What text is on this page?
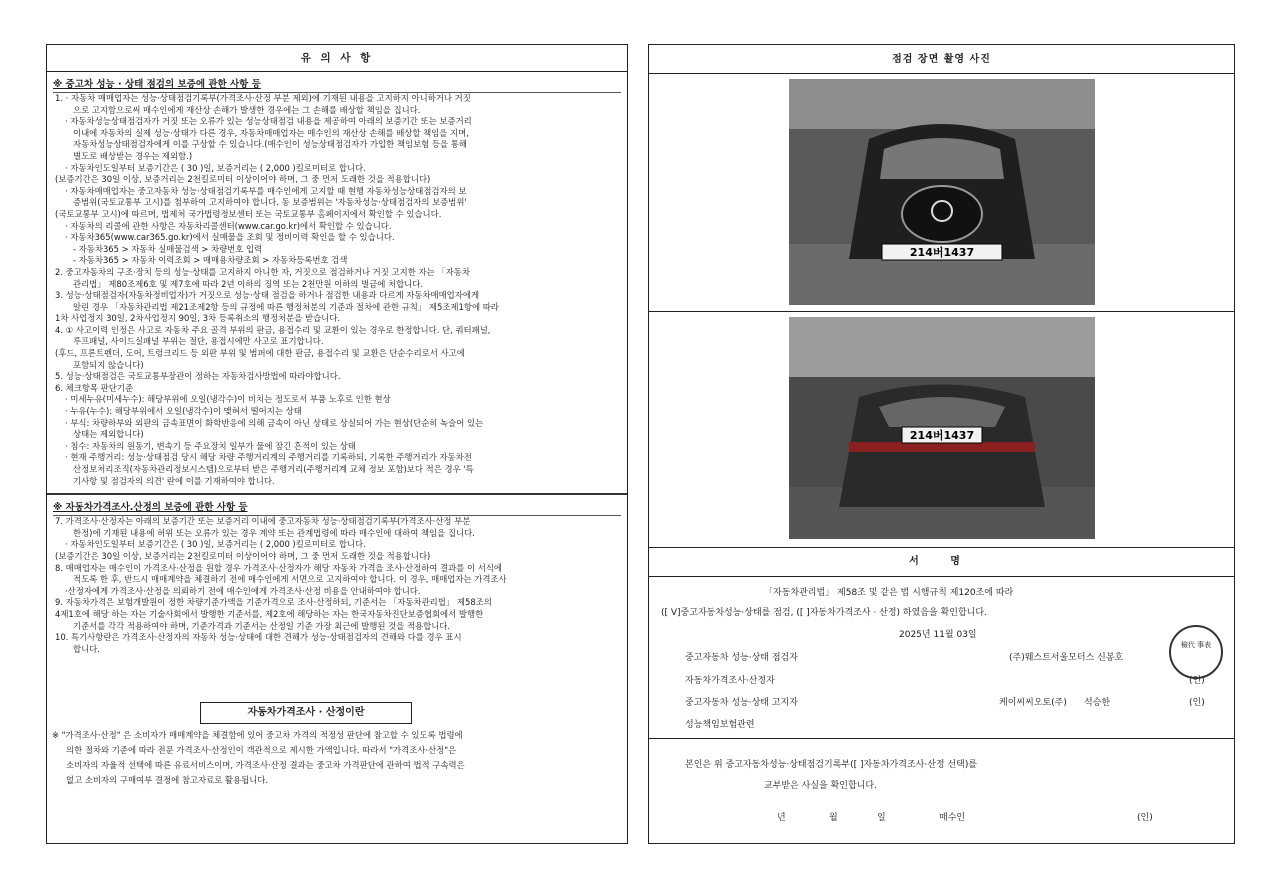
유 의 사 항
※ 중고차 성능 · 상태 점검의 보증에 관한 사항 등

1. · 자동차 매매업자는 성능·상태점검기록부(가격조사·산정 부분 제외)에 기재된 내용을 고지하지 아니하거나 거짓

으로 고지함으로써 매수인에게 재산상 손해가 발생한 경우에는 그 손해를 배상할 책임을 집니다.

· 자동차성능상태점검자가 거짓 또는 오류가 있는 성능상태점검 내용을 제공하여 아래의 보증기간 또는 보증거리

이내에 자동차의 실제 성능·상태가 다른 경우, 자동차매매업자는 매수인의 재산상 손해를 배상할 책임을 지며,

자동차성능상태점검자에게 이를 구상할 수 있습니다.(매수인이 성능상태점검자가 가입한 책임보험 등을 통해

별도로 배상받는 경우는 제외함.)

· 자동차인도일부터 보증기간은 ( 30 )일, 보증거리는 ( 2,000 )킬로미터로 합니다.

(보증기간은 30일 이상, 보증거리는 2천킬로미터 이상이어야 하며, 그 중 먼저 도래한 것을 적용합니다)

· 자동차매매업자는 중고자동차 성능·상태점검기록부를 매수인에게 고지할 때 현행 자동차성능상태점검자의 보

증범위(국토교통부 고시)를 첨부하여 고지하여야 합니다. 동 보증범위는 '자동차성능·상태점검자의 보증범위'

(국토교통부 고시)에 따르며, 법제처 국가법령정보센터 또는 국토교통부 홈페이지에서 확인할 수 있습니다.

· 자동차의 리콜에 관한 사항은 자동차리콜센터(www.car.go.kr)에서 확인할 수 있습니다.

· 자동차365(www.car365.go.kr)에서 실매물을 조회 및 정비이력 확인을 할 수 있습니다.

- 자동차365 > 자동차 실매물검색 > 차량번호 입력

- 자동차365 > 자동차 이력조회 > 매매용차량조회 > 자동차등록번호 검색

2. 중고자동차의 구조·장치 등의 성능·상태를 고지하지 아니한 자, 거짓으로 점검하거나 거짓 고지한 자는 「자동차

관리법」 제80조제6호 및 제7호에 따라 2년 이하의 징역 또는 2천만원 이하의 벌금에 처합니다.

3. 성능·상태점검자(자동차정비업자)가 거짓으로 성능·상태 점검을 하거나 점검한 내용과 다르게 자동차매매업자에게

알린 경우 「자동차관리법 제21조제2항 등의 규정에 따른 행정처분의 기준과 절차에 관한 규칙」 제5조제1항에 따라

1차 사업정지 30일, 2차사업정지 90일, 3차 등록취소의 행정처분을 받습니다.

4. ① 사고이력 인정은 사고로 자동차 주요 골격 부위의 판금, 용접수리 및 교환이 있는 경우로 한정합니다. 단, 쿼터패널,

루프패널, 사이드실패널 부위는 절단, 용접시에만 사고로 표기합니다.

(후드, 프론트펜더, 도어, 트렁크리드 등 외판 부위 및 범퍼에 대한 판금, 용접수리 및 교환은 단순수리로서 사고에

포함되지 않습니다)

5. 성능·상태점검은 국토교통부장관이 정하는 자동차검사방법에 따라야합니다.

6. 체크항목 판단기준

· 미세누유(미세누수): 해당부위에 오일(냉각수)이 비치는 정도로서 부품 노후로 인한 현상

· 누유(누수): 해당부위에서 오일(냉각수)이 맺혀서 떨어지는 상태

· 부식: 차량하부와 외판의 금속표면이 화학반응에 의해 금속이 아닌 상태로 상실되어 가는 현상(단순히 녹슬어 있는

상태는 제외합니다)

· 침수: 자동차의 원동기, 변속기 등 주요장치 일부가 물에 잠긴 흔적이 있는 상태

· 현재 주행거리: 성능·상태점검 당시 해당 차량 주행거리계의 주행거리를 기록하되, 기록한 주행거리가 자동차전

산정보처리조직(자동차관리정보시스템)으로부터 받은 주행거리(주행거리계 교체 정보 포함)보다 적은 경우 '특

기사항 및 점검자의 의견' 란에 이를 기재하여야 합니다.

※ 자동차가격조사.산정의 보증에 관한 사항 등

7. 가격조사·산정자는 아래의 보증기간 또는 보증거리 이내에 중고자동차 성능·상태점검기록부(가격조사·산정 부분

한정)에 기재된 내용에 허위 또는 오류가 있는 경우 계약 또는 관계법령에 따라 매수인에 대하여 책임을 집니다.

· 자동차인도일부터 보증기간은 ( 30 )일, 보증거리는 ( 2,000 )킬로미터로 합니다.

(보증기간은 30일 이상, 보증거리는 2천킬로미터 이상이어야 하며, 그 중 먼저 도래한 것을 적용합니다)

8. 매매업자는 매수인이 가격조사·산정을 원할 경우 가격조사·산정자가 해당 자동차 가격을 조사·산정하여 결과를 이 서식에

적도록 한 후, 반드시 매매계약을 체결하기 전에 매수인에게 서면으로 고지하여야 합니다. 이 경우, 매매업자는 가격조사

·산정자에게 가격조사·산정을 의뢰하기 전에 매수인에게 가격조사·산정 비용을 안내하여야 합니다.

9. 자동차가격은 보험개발원이 정한 차량기준가액을 기준가격으로 조사·산정하되, 기준서는 「자동차관리법」 제58조의

4제1호에 해당 하는 자는 기술사회에서 발행한 기준서를, 제2호에 해당하는 자는 한국자동차진단보증협회에서 발행한

기준서를 각각 적용하여야 하며, 기준가격과 기준서는 산정일 기준 가장 최근에 발행된 것을 적용합니다.

10. 특기사항란은 가격조사·산정자의 자동차 성능·상태에 대한 견해가 성능·상태점검자의 견해와 다를 경우 표시

합니다.

자동차가격조사 · 산정이란

※ "가격조사·산정" 은 소비자가 매매계약을 체결함에 있어 중고차 가격의 적정성 판단에 참고할 수 있도록 법령에

의한 절차와 기준에 따라 전문 가격조사·산정인이 객관적으로 제시한 가액입니다. 따라서 "가격조사·산정"은

소비자의 자율적 선택에 따른 유료서비스이며, 가격조사·산정 결과는 중고차 가격판단에 관하여 법적 구속력은

없고 소비자의 구매여부 결정에 참고자료로 활용됩니다.

점검 장면 촬영 사진
214버1437
214버1437
서 명
「자동차관리법」 제58조 및 같은 법 시행규칙 제120조에 따라
([ V]중고자동차성능·상태를 점검, ([ ]자동차가격조사 · 산정) 하였음을 확인합니다.
2025년 11월 03일
중고자동차 성능·상태 점검자	(주)웨스트서울모터스 신봉호
자동차가격조사·산정자	(인)
중고자동차 성능·상태 고지자	케이씨씨오토(주)      석승한	(인)
성능책임보험관련
檢代 事表
본인은 위 중고자동차성능·상태점검기록부([ ]자동차가격조사·산정 선택)를
교부받은 사실을 확인합니다.
년	월	일	매수인	(인)
